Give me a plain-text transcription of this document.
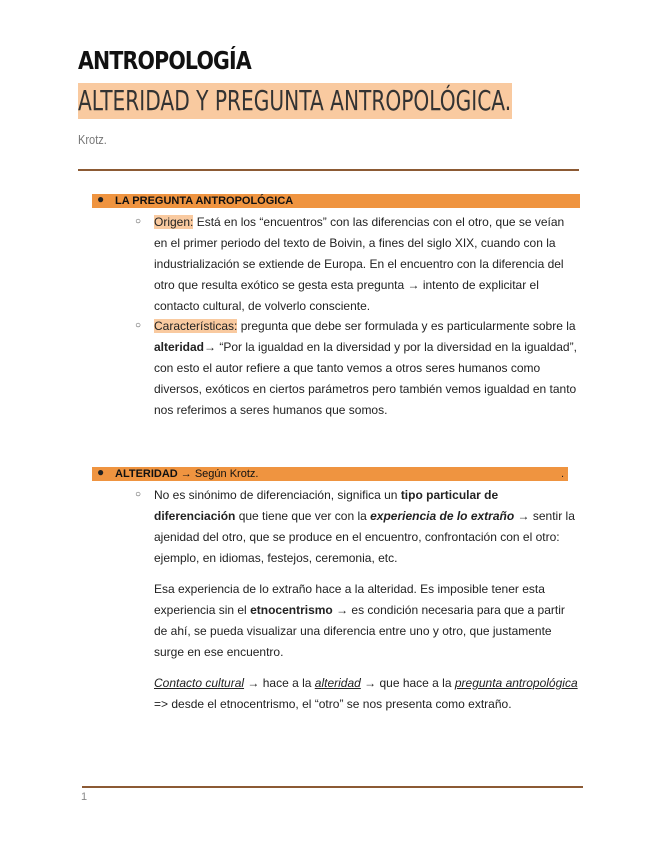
ANTROPOLOGÍA
ALTERIDAD Y PREGUNTA ANTROPOLÓGICA.
Krotz.
● LA PREGUNTA ANTROPOLÓGICA
○ Origen: Está en los “encuentros” con las diferencias con el otro, que se veían en el primer periodo del texto de Boivin, a fines del siglo XIX, cuando con la industrialización se extiende de Europa. En el encuentro con la diferencia del otro que resulta exótico se gesta esta pregunta → intento de explicitar el contacto cultural, de volverlo consciente.
○ Características: pregunta que debe ser formulada y es particularmente sobre la alteridad→ “Por la igualdad en la diversidad y por la diversidad en la igualdad”, con esto el autor refiere a que tanto vemos a otros seres humanos como diversos, exóticos en ciertos parámetros pero también vemos igualdad en tanto nos referimos a seres humanos que somos.
● ALTERIDAD → Según Krotz.	.
○ No es sinónimo de diferenciación, significa un tipo particular de diferenciación que tiene que ver con la experiencia de lo extraño → sentir la ajenidad del otro, que se produce en el encuentro, confrontación con el otro: ejemplo, en idiomas, festejos, ceremonia, etc.
Esa experiencia de lo extraño hace a la alteridad. Es imposible tener esta experiencia sin el etnocentrismo → es condición necesaria para que a partir de ahí, se pueda visualizar una diferencia entre uno y otro, que justamente surge en ese encuentro.
Contacto cultural → hace a la alteridad → que hace a la pregunta antropológica => desde el etnocentrismo, el “otro” se nos presenta como extraño.
1
